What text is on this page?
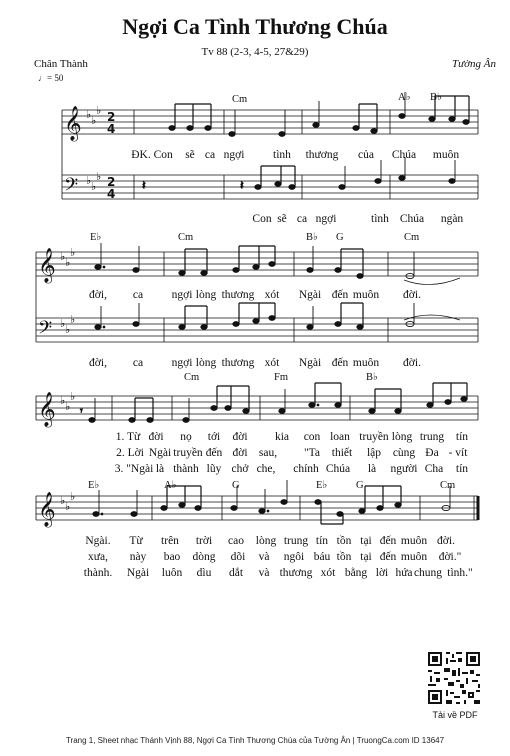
Ngợi Ca Tình Thương Chúa
Tv 88 (2-3, 4-5, 27&29)
Chân Thành	Tường Ân
♩= 50
𝄞
𝄢
♭ ♭
♭
♭ ♭
♭
2
4
2
4
𝄽	𝄽
𝄞
𝄢
♭ ♭
♭
♭ ♭
♭
𝄞 ♭ ♭
♭
𝄾
𝄞 ♭ ♭
♭
Cm	A♭ B♭
E♭	Cm	B♭ G	Cm
Cm	Fm	B♭
E♭	A♭	G	E♭	G	Cm
ĐK. Con sẽ ca ngợi tình thương của Chúa muôn
Con sẽ ca ngợi	tình Chúa ngàn
đời, ca ngợi lòng thương xót Ngài đến muôn đời.
đời, ca ngợi lòng thương xót Ngài đến muôn đời.
1. Từ đời nọ tới đời kia con loan truyền lòng trung tín
2. Lời Ngài truyền đến đời sau, "Ta thiết lập cùng Đa - vít
3. "Ngài là thành lũy chở che, chính Chúa là người Cha tín
Ngài. Từ trên trời cao lòng trung tín tồn tại đến muôn đời.
xưa, này bao dòng dõi và ngôi báu tồn tại đến muôn đời."
thành. Ngài luôn dìu dắt và thương xót bằng lời hứa chung tình."
Tải về PDF
Trang 1, Sheet nhạc Thánh Vịnh 88, Ngợi Ca Tình Thương Chúa của Tường Ân | TruongCa.com ID 13647
